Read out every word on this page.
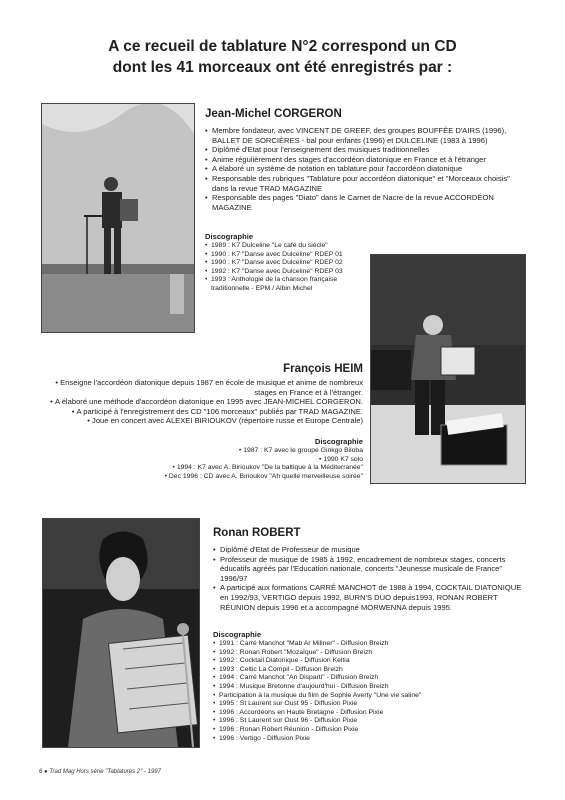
A ce recueil de tablature N°2 correspond un CD
dont les 41 morceaux ont été enregistrés par :
Jean-Michel CORGERON
• Membre fondateur, avec VINCENT DE GREEF, des groupes BOUFFÉE D'AIRS (1996), BALLET DE SORCIÈRES - bal pour enfants (1996) et DULCELINE (1983 à 1996)
• Diplômé d'Etat pour l'enseignement des musiques traditionnelles
• Anime régulièrement des stages d'accordéon diatonique en France et à l'étranger
• A élaboré un système de notation en tablature pour l'accordéon diatonique
• Responsable des rubriques "Tablature pour accordéon diatonique" et "Morceaux choisis" dans la revue TRAD MAGAZINE
• Responsable des pages "Diato" dans le Carnet de Nacre de la revue ACCORDÉON MAGAZINE
Discographie
• 1989 : K7 Dulceline "Le café du siècle"
• 1990 : K7 "Danse avec Dulceline" RDEP 01
• 1990 : K7 "Danse avec Dulceline" RDEP 02
• 1992 : K7 "Danse avec Dulceline" RDEP 03
• 1993 : Anthologie de la chanson française traditionnelle - EPM / Albin Michel
François HEIM
• Enseigne l'accordéon diatonique depuis 1987 en école de musique et anime de nombreux stages en France et à l'étranger.
• A élaboré une méthode d'accordéon diatonique en 1995 avec JEAN-MICHEL CORGERON.
• A participé à l'enregistrement des CD "106 morceaux" publiés par TRAD MAGAZINE.
• Joue en concert avec ALEXEI BIRIOUKOV (répertoire russe et Europe Centrale)
Discographie
• 1987 : K7 avec le groupe Ginkgo Biloba
• 1990 K7 solo
• 1994 : K7 avec A. Birioukov "De la baltique à la Méditerranée"
• Déc 1996 : CD avec A. Birioukov "Ah quelle merveilleuse soirée"
Ronan ROBERT
• Diplômé d'Etat de Professeur de musique
• Professeur de musique de 1985 à 1992, encadrement de nombreux stages, concerts éducatifs agréés par l'Education nationale, concerts "Jeunesse musicale de France" 1996/97
• A participé aux formations CARRÉ MANCHOT de 1988 à 1994, COCKTAIL DIATONIQUE en 1992/93, VERTIGO depuis 1992, BURN'S DUO depuis1993, RONAN ROBERT RÉUNION depuis 1996 et a accompagné MORWENNA depuis 1995.
Discographie
• 1991 : Carré Manchot "Mab Ar Miliner" - Diffusion Breizh
• 1992 : Ronan Robert "Mozaïque" - Diffusion Breizh
• 1992 : Cocktail Diatonique - Diffusion Keltia
• 1993 : Celtic La Compil - Diffusion Breizh
• 1994 : Carré Manchot "An Disparti" - Diffusion Breizh
• 1994 : Musique Bretonne d'aujourd'hui - Diffusion Breizh
• Participation à la musique du film de Sophie Averty "Une vie saline"
• 1995 : St Laurent sur Oust 95 - Diffusion Pixie
• 1996 : Accordéons en Haute Bretagne - Diffusion Pixie
• 1996 : St Laurent sur Oust 96 - Diffusion Pixie
• 1996 : Ronan Robert Réunion - Diffusion Pixie
• 1996 : Vertigo - Diffusion Pixie
6 ● Trad Mag Hors série "Tablatures 2" - 1997
